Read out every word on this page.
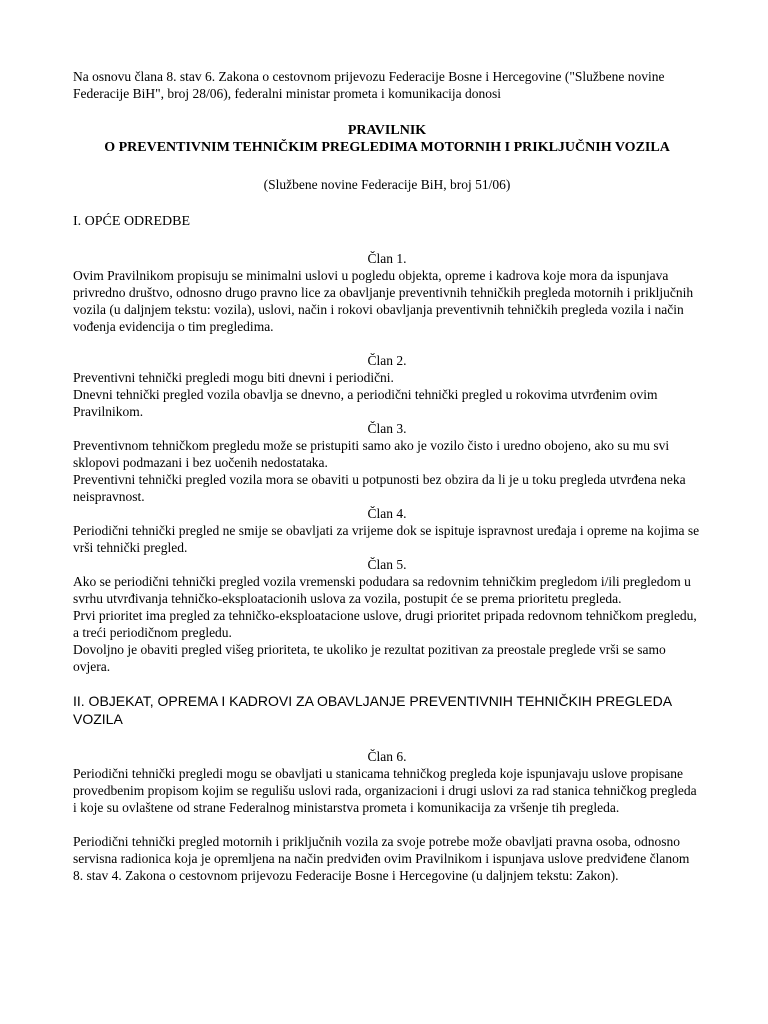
Na osnovu člana 8. stav 6. Zakona o cestovnom prijevozu Federacije Bosne i Hercegovine ("Službene novine Federacije BiH", broj 28/06), federalni ministar prometa i komunikacija donosi

PRAVILNIK
O PREVENTIVNIM TEHNIČKIM PREGLEDIMA MOTORNIH I PRIKLJUČNIH VOZILA

(Službene novine Federacije BiH, broj 51/06)

I. OPĆE ODREDBE

Član 1.

Ovim Pravilnikom propisuju se minimalni uslovi u pogledu objekta, opreme i kadrova koje mora da ispunjava privredno društvo, odnosno drugo pravno lice za obavljanje preventivnih tehničkih pregleda motornih i priključnih vozila (u daljnjem tekstu: vozila), uslovi, način i rokovi obavljanja preventivnih tehničkih pregleda vozila i način vođenja evidencija o tim pregledima.

Član 2.

Preventivni tehnički pregledi mogu biti dnevni i periodični.

Dnevni tehnički pregled vozila obavlja se dnevno, a periodični tehnički pregled u rokovima utvrđenim ovim Pravilnikom.

Član 3.

Preventivnom tehničkom pregledu može se pristupiti samo ako je vozilo čisto i uredno obojeno, ako su mu svi sklopovi podmazani i bez uočenih nedostataka.

Preventivni tehnički pregled vozila mora se obaviti u potpunosti bez obzira da li je u toku pregleda utvrđena neka neispravnost.

Član 4.

Periodični tehnički pregled ne smije se obavljati za vrijeme dok se ispituje ispravnost uređaja i opreme na kojima se vrši tehnički pregled.

Član 5.

Ako se periodični tehnički pregled vozila vremenski podudara sa redovnim tehničkim pregledom i/ili pregledom u svrhu utvrđivanja tehničko-eksploatacionih uslova za vozila, postupit će se prema prioritetu pregleda.

Prvi prioritet ima pregled za tehničko-eksploatacione uslove, drugi prioritet pripada redovnom tehničkom pregledu, a treći periodičnom pregledu.

Dovoljno je obaviti pregled višeg prioriteta, te ukoliko je rezultat pozitivan za preostale preglede vrši se samo ovjera.

II. OBJEKAT, OPREMA I KADROVI ZA OBAVLJANJE PREVENTIVNIH TEHNIČKIH PREGLEDA VOZILA

Član 6.

Periodični tehnički pregledi mogu se obavljati u stanicama tehničkog pregleda koje ispunjavaju uslove propisane provedbenim propisom kojim se regulišu uslovi rada, organizacioni i drugi uslovi za rad stanica tehničkog pregleda i koje su ovlaštene od strane Federalnog ministarstva prometa i komunikacija za vršenje tih pregleda.

Periodični tehnički pregled motornih i priključnih vozila za svoje potrebe može obavljati pravna osoba, odnosno servisna radionica koja je opremljena na način predviđen ovim Pravilnikom i ispunjava uslove predviđene članom 8. stav 4. Zakona o cestovnom prijevozu Federacije Bosne i Hercegovine (u daljnjem tekstu: Zakon).
